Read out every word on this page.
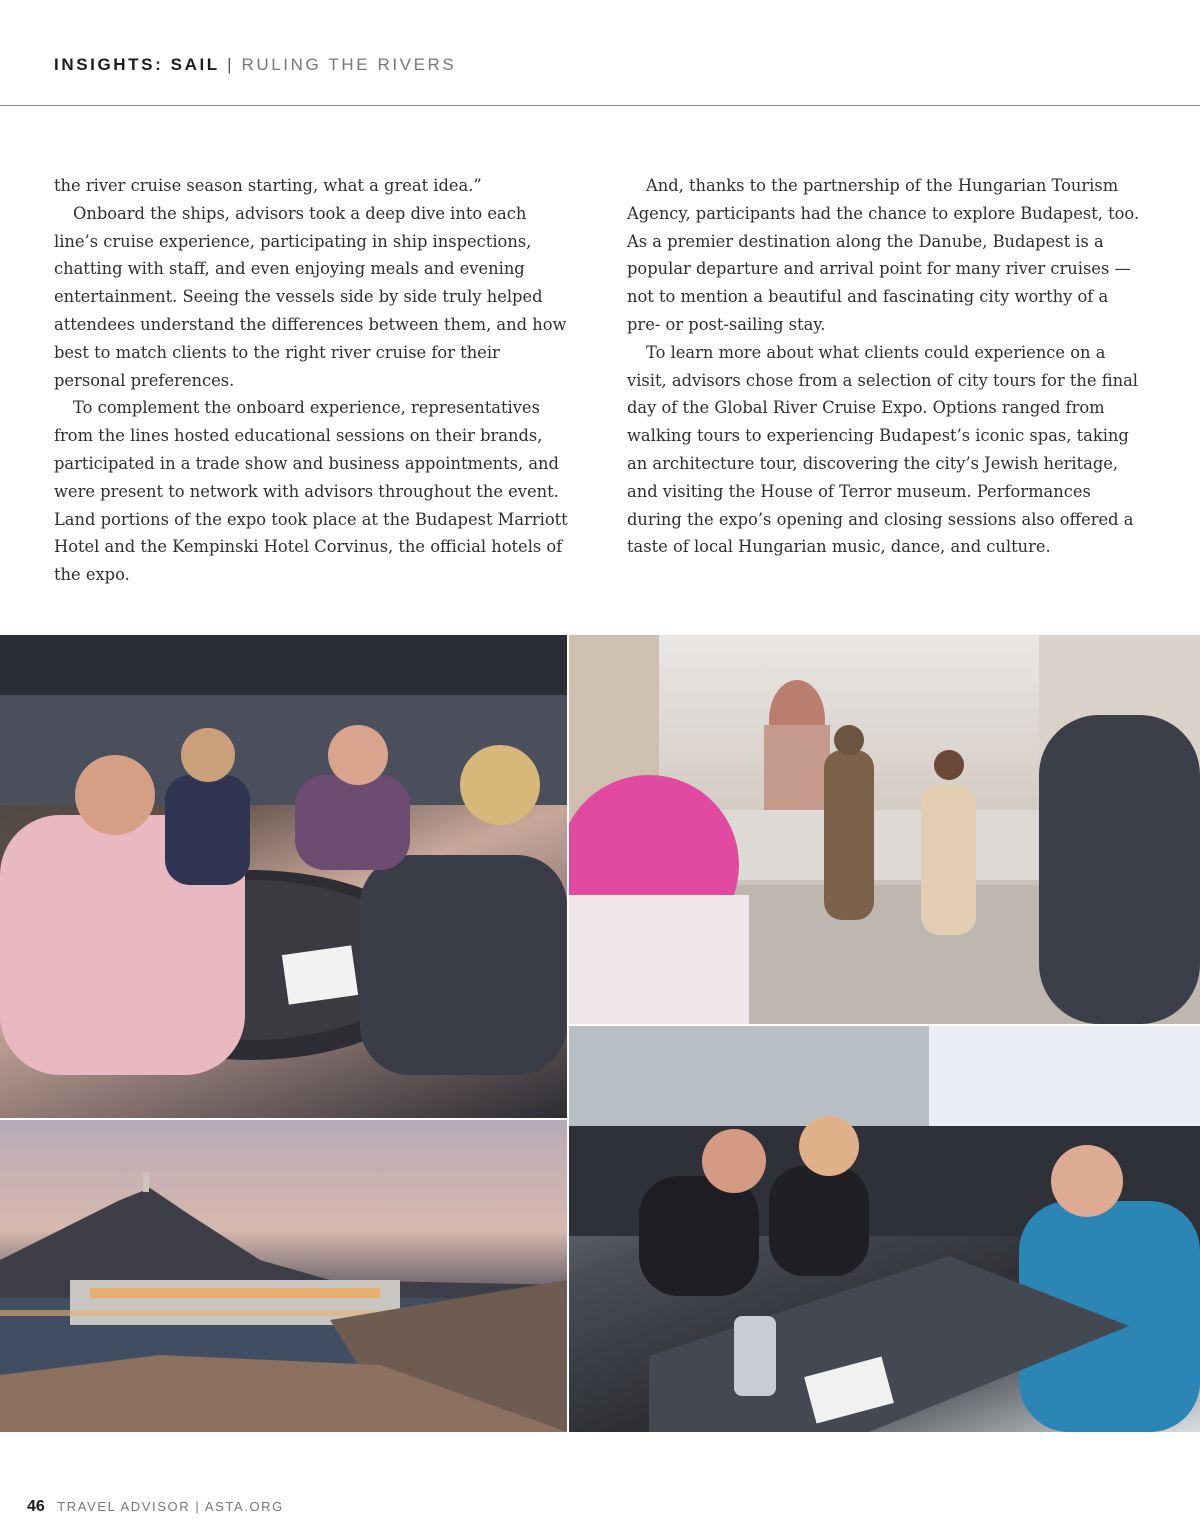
INSIGHTS: SAIL | RULING THE RIVERS

the river cruise season starting, what a great idea.”

Onboard the ships, advisors took a deep dive into each line’s cruise experience, participating in ship inspections, chatting with staff, and even enjoying meals and evening entertainment. Seeing the vessels side by side truly helped attendees understand the differences between them, and how best to match clients to the right river cruise for their personal preferences.

To complement the onboard experience, representatives from the lines hosted educational sessions on their brands, participated in a trade show and business appointments, and were present to network with advisors throughout the event. Land portions of the expo took place at the Budapest Marriott Hotel and the Kempinski Hotel Corvinus, the official hotels of the expo.

And, thanks to the partnership of the Hungarian Tourism Agency, participants had the chance to explore Budapest, too. As a premier destination along the Danube, Budapest is a popular departure and arrival point for many river cruises — not to mention a beautiful and fascinating city worthy of a pre- or post-sailing stay.

To learn more about what clients could experience on a visit, advisors chose from a selection of city tours for the final day of the Global River Cruise Expo. Options ranged from walking tours to experiencing Budapest’s iconic spas, taking an architecture tour, discovering the city’s Jewish heritage, and visiting the House of Terror museum. Performances during the expo’s opening and closing sessions also offered a taste of local Hungarian music, dance, and culture.

46 TRAVEL ADVISOR | ASTA.ORG
